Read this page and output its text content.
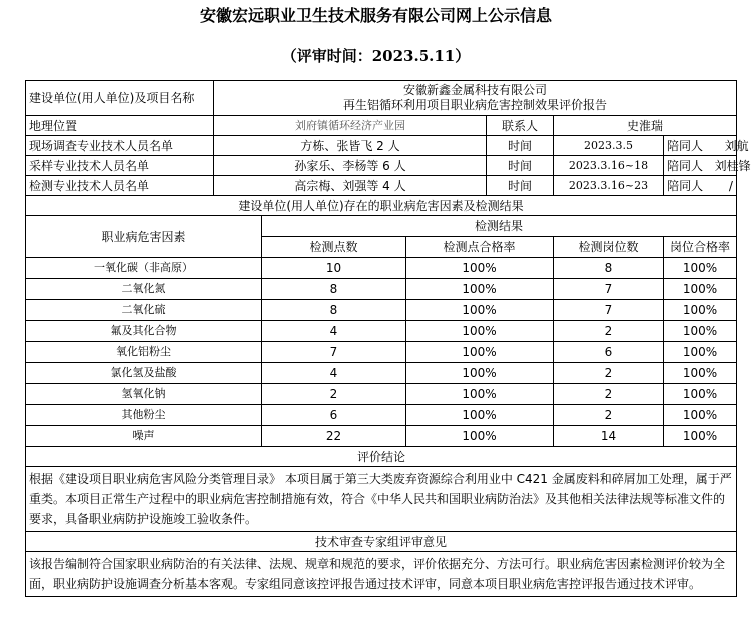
安徽宏远职业卫生技术服务有限公司网上公示信息
（评审时间：2023.5.11）
建设单位(用人单位)及项目名称	安徽新鑫金属科技有限公司
再生铝循环利用项目职业病危害控制效果评价报告					

地理位置	刘府镇循环经济产业园			联系人	史淮瑞	
现场调查专业技术人员名单	方栋、张皆飞 2 人			时间	2023.3.5	陪同人 刘航
采样专业技术人员名单	孙家乐、李杨等 6 人			时间	2023.3.16~18	陪同人 刘桂锋
检测专业技术人员名单	高宗梅、刘强等 4 人			时间	2023.3.16~23	陪同人 /
建设单位(用人单位)存在的职业病危害因素及检测结果						
职业病危害因素		检测结果				
		检测点数	检测点合格率		检测岗位数	岗位合格率
一氧化碳（非高原）		10	100%		8	100%
二氧化氮		8	100%		7	100%
二氧化硫		8	100%		7	100%
氟及其化合物		4	100%		2	100%
氧化铝粉尘		7	100%		6	100%
氯化氢及盐酸		4	100%		2	100%
氢氧化钠		2	100%		2	100%
其他粉尘		6	100%		2	100%
噪声		22	100%		14	100%
评价结论						
根据《建设项目职业病危害风险分类管理目录》 本项目属于第三大类废弃资源综合利用业中 C421 金属废料和碎屑加工处理，属于严重类。本项目正常生产过程中的职业病危害控制措施有效，符合《中华人民共和国职业病防治法》及其他相关法律法规等标准文件的要求，具备职业病防护设施竣工验收条件。						
技术审查专家组评审意见						
该报告编制符合国家职业病防治的有关法律、法规、规章和规范的要求，评价依据充分、方法可行。职业病危害因素检测评价较为全面，职业病防护设施调查分析基本客观。专家组同意该控评报告通过技术评审，同意本项目职业病危害控评报告通过技术评审。						
